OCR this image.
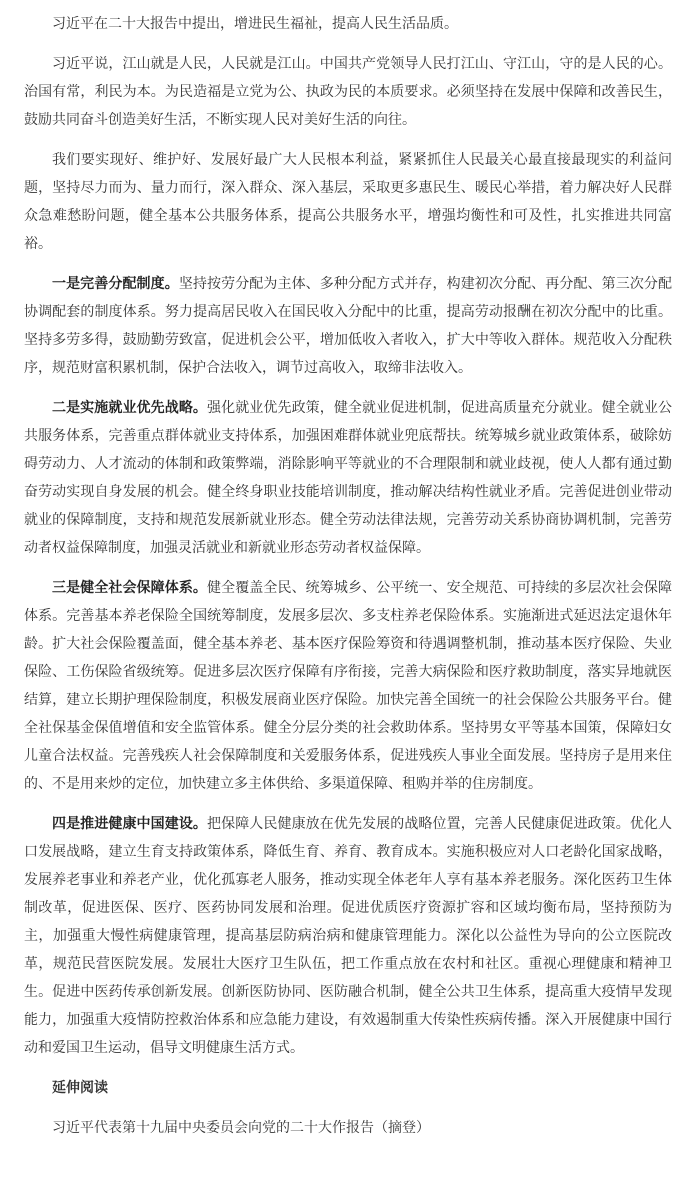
习近平在二十大报告中提出，增进民生福祉，提高人民生活品质。

习近平说，江山就是人民，人民就是江山。中国共产党领导人民打江山、守江山，守的是人民的心。治国有常，利民为本。为民造福是立党为公、执政为民的本质要求。必须坚持在发展中保障和改善民生，鼓励共同奋斗创造美好生活，不断实现人民对美好生活的向往。

我们要实现好、维护好、发展好最广大人民根本利益，紧紧抓住人民最关心最直接最现实的利益问题，坚持尽力而为、量力而行，深入群众、深入基层，采取更多惠民生、暖民心举措，着力解决好人民群众急难愁盼问题，健全基本公共服务体系，提高公共服务水平，增强均衡性和可及性，扎实推进共同富裕。

一是完善分配制度。坚持按劳分配为主体、多种分配方式并存，构建初次分配、再分配、第三次分配协调配套的制度体系。努力提高居民收入在国民收入分配中的比重，提高劳动报酬在初次分配中的比重。坚持多劳多得，鼓励勤劳致富，促进机会公平，增加低收入者收入，扩大中等收入群体。规范收入分配秩序，规范财富积累机制，保护合法收入，调节过高收入，取缔非法收入。

二是实施就业优先战略。强化就业优先政策，健全就业促进机制，促进高质量充分就业。健全就业公共服务体系，完善重点群体就业支持体系，加强困难群体就业兜底帮扶。统筹城乡就业政策体系，破除妨碍劳动力、人才流动的体制和政策弊端，消除影响平等就业的不合理限制和就业歧视，使人人都有通过勤奋劳动实现自身发展的机会。健全终身职业技能培训制度，推动解决结构性就业矛盾。完善促进创业带动就业的保障制度，支持和规范发展新就业形态。健全劳动法律法规，完善劳动关系协商协调机制，完善劳动者权益保障制度，加强灵活就业和新就业形态劳动者权益保障。

三是健全社会保障体系。健全覆盖全民、统筹城乡、公平统一、安全规范、可持续的多层次社会保障体系。完善基本养老保险全国统筹制度，发展多层次、多支柱养老保险体系。实施渐进式延迟法定退休年龄。扩大社会保险覆盖面，健全基本养老、基本医疗保险筹资和待遇调整机制，推动基本医疗保险、失业保险、工伤保险省级统筹。促进多层次医疗保障有序衔接，完善大病保险和医疗救助制度，落实异地就医结算，建立长期护理保险制度，积极发展商业医疗保险。加快完善全国统一的社会保险公共服务平台。健全社保基金保值增值和安全监管体系。健全分层分类的社会救助体系。坚持男女平等基本国策，保障妇女儿童合法权益。完善残疾人社会保障制度和关爱服务体系，促进残疾人事业全面发展。坚持房子是用来住的、不是用来炒的定位，加快建立多主体供给、多渠道保障、租购并举的住房制度。

四是推进健康中国建设。把保障人民健康放在优先发展的战略位置，完善人民健康促进政策。优化人口发展战略，建立生育支持政策体系，降低生育、养育、教育成本。实施积极应对人口老龄化国家战略，发展养老事业和养老产业，优化孤寡老人服务，推动实现全体老年人享有基本养老服务。深化医药卫生体制改革，促进医保、医疗、医药协同发展和治理。促进优质医疗资源扩容和区域均衡布局，坚持预防为主，加强重大慢性病健康管理，提高基层防病治病和健康管理能力。深化以公益性为导向的公立医院改革，规范民营医院发展。发展壮大医疗卫生队伍，把工作重点放在农村和社区。重视心理健康和精神卫生。促进中医药传承创新发展。创新医防协同、医防融合机制，健全公共卫生体系，提高重大疫情早发现能力，加强重大疫情防控救治体系和应急能力建设，有效遏制重大传染性疾病传播。深入开展健康中国行动和爱国卫生运动，倡导文明健康生活方式。

延伸阅读

习近平代表第十九届中央委员会向党的二十大作报告（摘登）
